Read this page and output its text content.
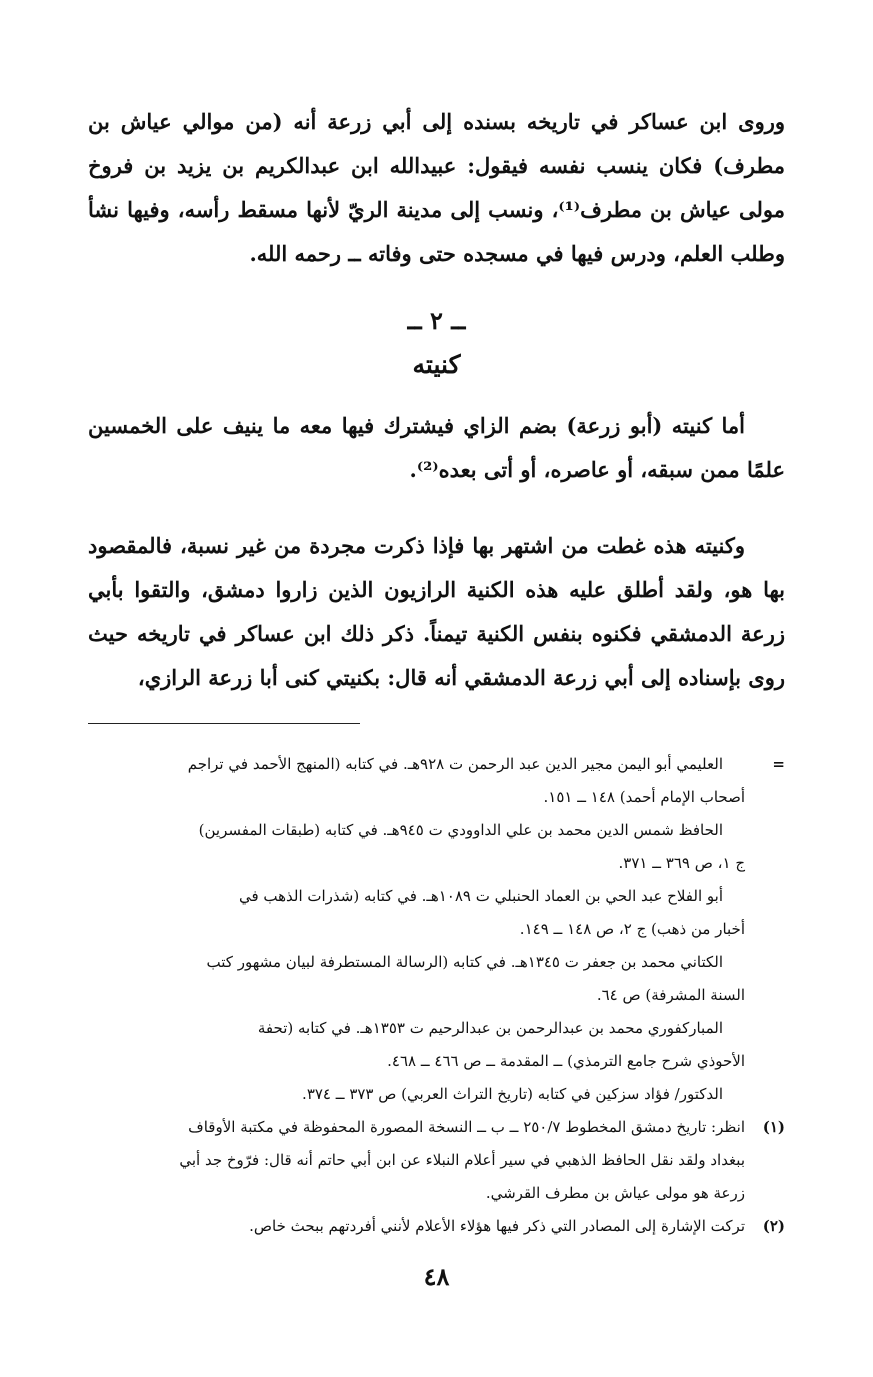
وروى ابن عساكر في تاريخه بسنده إلى أبي زرعة أنه (من موالي عياش بن مطرف) فكان ينسب نفسه فيقول: عبيدالله ابن عبدالكريم بن يزيد بن فروخ مولى عياش بن مطرف⁽¹⁾، ونسب إلى مدينة الريّ لأنها مسقط رأسه، وفيها نشأ وطلب العلم، ودرس فيها في مسجده حتى وفاته ــ رحمه الله.

ــ ٢ ــ

كنيته

أما كنيته (أبو زرعة) بضم الزاي فيشترك فيها معه ما ينيف على الخمسين علمًا ممن سبقه، أو عاصره، أو أتى بعده⁽²⁾.

وكنيته هذه غطت من اشتهر بها فإذا ذكرت مجردة من غير نسبة، فالمقصود بها هو، ولقد أطلق عليه هذه الكنية الرازيون الذين زاروا دمشق، والتقوا بأبي زرعة الدمشقي فكنوه بنفس الكنية تيمناً. ذكر ذلك ابن عساكر في تاريخه حيث روى بإسناده إلى أبي زرعة الدمشقي أنه قال: بكنيتي كنى أبا زرعة الرازي،

=
العليمي أبو اليمن مجير الدين عبد الرحمن ت ٩٢٨هـ. في كتابه (المنهج الأحمد في تراجم
أصحاب الإمام أحمد) ١٤٨ ــ ١٥١.
الحافظ شمس الدين محمد بن علي الداوودي ت ٩٤٥هـ. في كتابه (طبقات المفسرين)
ج ١، ص ٣٦٩ ــ ٣٧١.
أبو الفلاح عبد الحي بن العماد الحنبلي ت ١٠٨٩هـ. في كتابه (شذرات الذهب في
أخبار من ذهب) ج ٢، ص ١٤٨ ــ ١٤٩.
الكتاني محمد بن جعفر ت ١٣٤٥هـ. في كتابه (الرسالة المستطرفة لبيان مشهور كتب
السنة المشرفة) ص ٦٤.
المباركفوري محمد بن عبدالرحمن بن عبدالرحيم ت ١٣٥٣هـ. في كتابه (تحفة
الأحوذي شرح جامع الترمذي) ــ المقدمة ــ ص ٤٦٦ ــ ٤٦٨.
الدكتور/ فؤاد سزكين في كتابه (تاريخ التراث العربي) ص ٣٧٣ ــ ٣٧٤.
(١)
انظر: تاريخ دمشق المخطوط ٢٥٠/٧ ــ ب ــ النسخة المصورة المحفوظة في مكتبة الأوقاف
ببغداد ولقد نقل الحافظ الذهبي في سير أعلام النبلاء عن ابن أبي حاتم أنه قال: فرّوخ جد أبي
زرعة هو مولى عياش بن مطرف القرشي.
(٢)
تركت الإشارة إلى المصادر التي ذكر فيها هؤلاء الأعلام لأنني أفردتهم ببحث خاص.

٤٨
